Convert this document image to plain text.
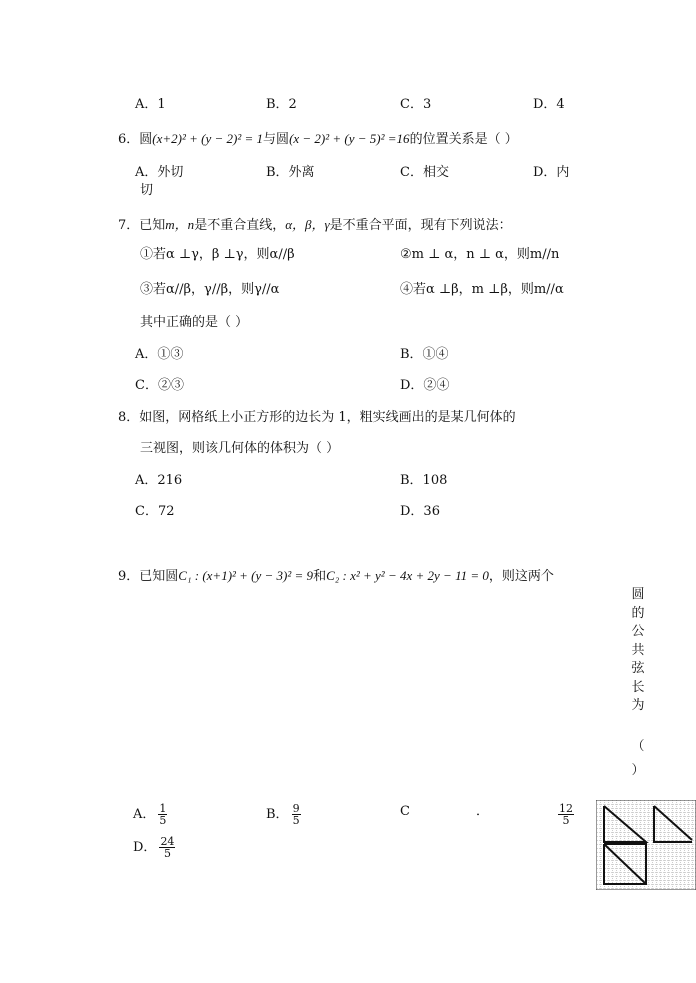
A．1	B．2	C．3	D．4
6．圆(x+2)² + (y − 2)² = 1与圆(x − 2)² + (y − 5)² =16的位置关系是（ ）
A．外切	B．外离	C．相交	D．内
切
7．已知m，n是不重合直线，α，β，γ是不重合平面，现有下列说法：
①若α ⊥γ，β ⊥γ，则α//β	②m ⊥ α，n ⊥ α，则m//n
③若α//β，γ//β，则γ//α	④若α ⊥β，m ⊥β，则m//α
其中正确的是（ ）
A．①③	B．①④
C．②③	D．②④
8．如图，网格纸上小正方形的边长为 1，粗实线画出的是某几何体的
三视图，则该几何体的体积为（ ）
A．216	B．108
C．72	D．36
9．已知圆C₁ : (x+1)² + (y − 3)² = 9和C₂ : x² + y² − 4x + 2y − 11 = 0，则这两个
圆
的
公
共
弦
长
为
（
）
A． $\frac{1}{5}$	B． $\frac{9}{5}$	C	．	$\frac{12}{5}$
D． $\frac{24}{5}$
